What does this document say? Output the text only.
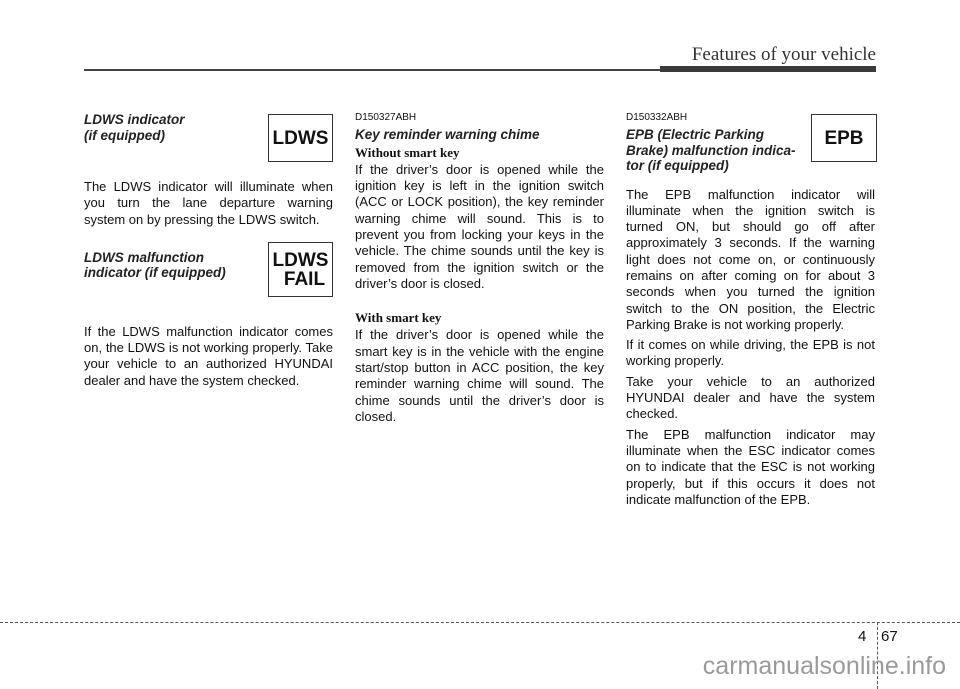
Features of your vehicle
LDWS indicator
(if equipped)

The LDWS indicator will illuminate when you turn the lane departure warning system on by pressing the LDWS switch.

LDWS malfunction
indicator (if equipped)

If the LDWS malfunction indicator comes on, the LDWS is not working properly. Take your vehicle to an authorized HYUNDAI dealer and have the system checked.

LDWS
LDWS
FAIL
D150327ABH
Key reminder warning chime
Without smart key

If the driver’s door is opened while the ignition key is left in the ignition switch (ACC or LOCK position), the key reminder warning chime will sound. This is to prevent you from locking your keys in the vehicle. The chime sounds until the key is removed from the ignition switch or the driver’s door is closed.

With smart key

If the driver’s door is opened while the smart key is in the vehicle with the engine start/stop button in ACC position, the key reminder warning chime will sound. The chime sounds until the driver’s door is closed.

D150332ABH
EPB (Electric Parking
Brake) malfunction indica-
tor (if equipped)

The EPB malfunction indicator will illuminate when the ignition switch is turned ON, but should go off after approximately 3 seconds. If the warning light does not come on, or continuously remains on after coming on for about 3 seconds when you turned the ignition switch to the ON position, the Electric Parking Brake is not working properly.

If it comes on while driving, the EPB is not working properly.

Take your vehicle to an authorized HYUNDAI dealer and have the system checked.

The EPB malfunction indicator may illuminate when the ESC indicator comes on to indicate that the ESC is not working properly, but if this occurs it does not indicate malfunction of the EPB.

EPB
4 67
carmanualsonline.info
